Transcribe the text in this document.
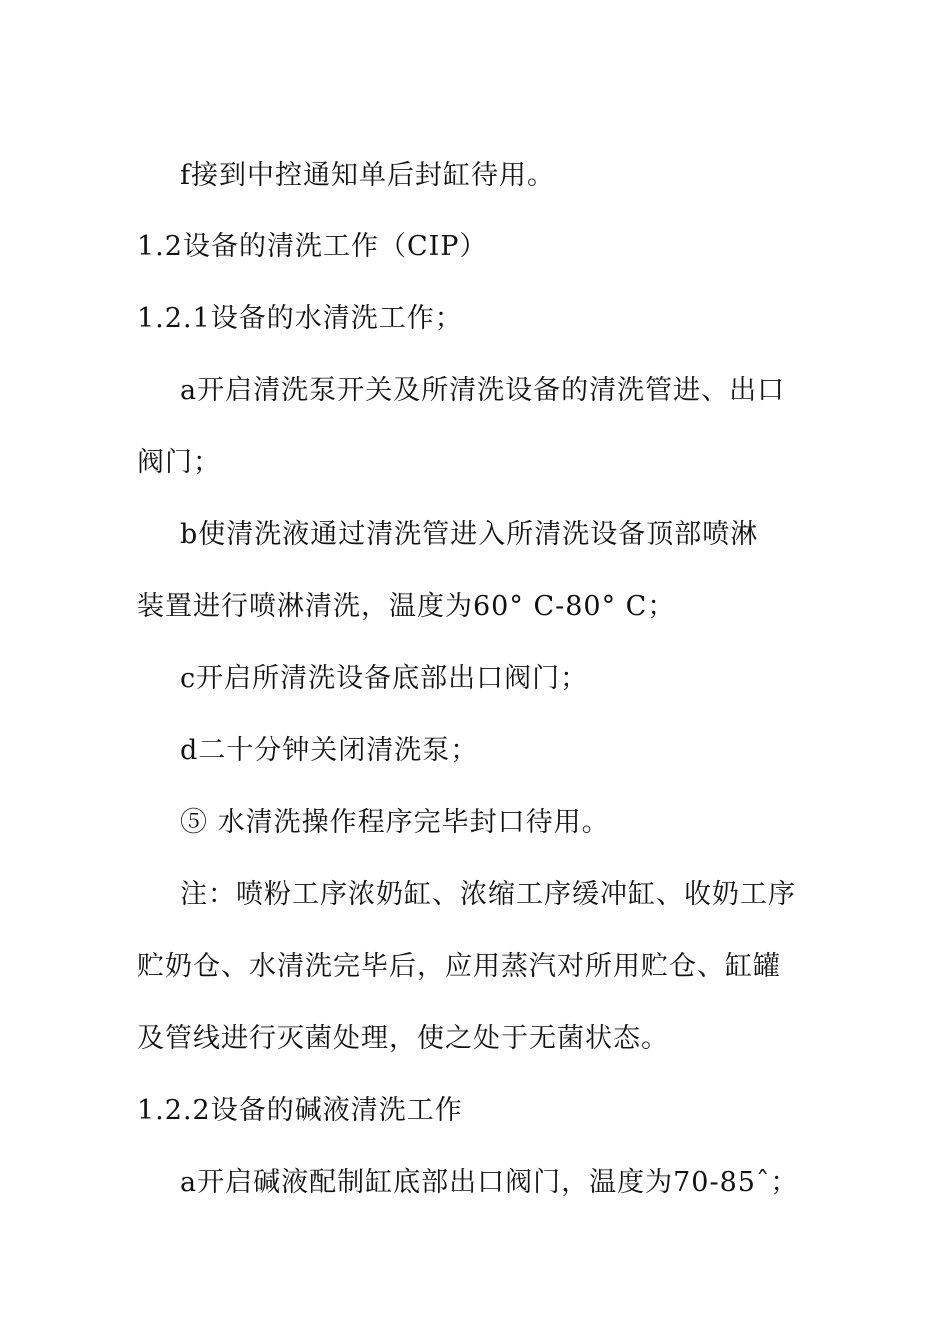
f接到中控通知单后封缸待用。
1.2设备的清洗工作（CIP）
1.2.1设备的水清洗工作；
a开启清洗泵开关及所清洗设备的清洗管进、出口
阀门；
b使清洗液通过清洗管进入所清洗设备顶部喷淋
装置进行喷淋清洗，温度为60° C-80° C；
c开启所清洗设备底部出口阀门；
d二十分钟关闭清洗泵；
⑤ 水清洗操作程序完毕封口待用。
注：喷粉工序浓奶缸、浓缩工序缓冲缸、收奶工序
贮奶仓、水清洗完毕后，应用蒸汽对所用贮仓、缸罐
及管线进行灭菌处理，使之处于无菌状态。
1.2.2设备的碱液清洗工作
a开启碱液配制缸底部出口阀门，温度为70-85ˆ；
